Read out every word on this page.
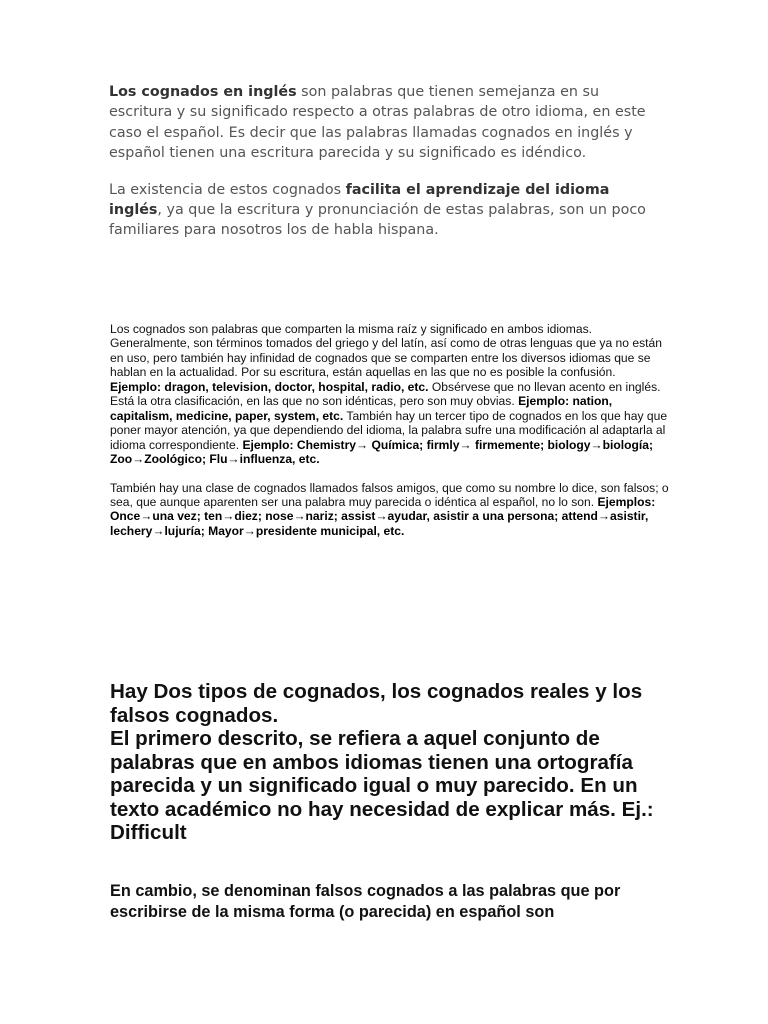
Los cognados en inglés son palabras que tienen semejanza en su escritura y su significado respecto a otras palabras de otro idioma, en este caso el español. Es decir que las palabras llamadas cognados en inglés y español tienen una escritura parecida y su significado es idéndico.

La existencia de estos cognados facilita el aprendizaje del idioma inglés, ya que la escritura y pronunciación de estas palabras, son un poco familiares para nosotros los de habla hispana.

Los cognados son palabras que comparten la misma raíz y significado en ambos idiomas. Generalmente, son términos tomados del griego y del latín, así como de otras lenguas que ya no están en uso, pero también hay infinidad de cognados que se comparten entre los diversos idiomas que se hablan en la actualidad. Por su escritura, están aquellas en las que no es posible la confusión. Ejemplo: dragon, television, doctor, hospital, radio, etc. Obsérvese que no llevan acento en inglés. Está la otra clasificación, en las que no son idénticas, pero son muy obvias. Ejemplo: nation, capitalism, medicine, paper, system, etc. También hay un tercer tipo de cognados en los que hay que poner mayor atención, ya que dependiendo del idioma, la palabra sufre una modificación al adaptarla al idioma correspondiente. Ejemplo: Chemistry→ Química; firmly→ firmemente; biology→biología; Zoo→Zoológico; Flu→influenza, etc.

También hay una clase de cognados llamados falsos amigos, que como su nombre lo dice, son falsos; o sea, que aunque aparenten ser una palabra muy parecida o idéntica al español, no lo son. Ejemplos: Once→una vez; ten→diez; nose→nariz; assist→ayudar, asistir a una persona; attend→asistir, lechery→lujuría; Mayor→presidente municipal, etc.

Hay Dos tipos de cognados, los cognados reales y los falsos cognados.

El primero descrito, se refiera a aquel conjunto de palabras que en ambos idiomas tienen una ortografía parecida y un significado igual o muy parecido. En un texto académico no hay necesidad de explicar más. Ej.: Difficult

En cambio, se denominan falsos cognados a las palabras que por escribirse de la misma forma (o parecida) en español son
